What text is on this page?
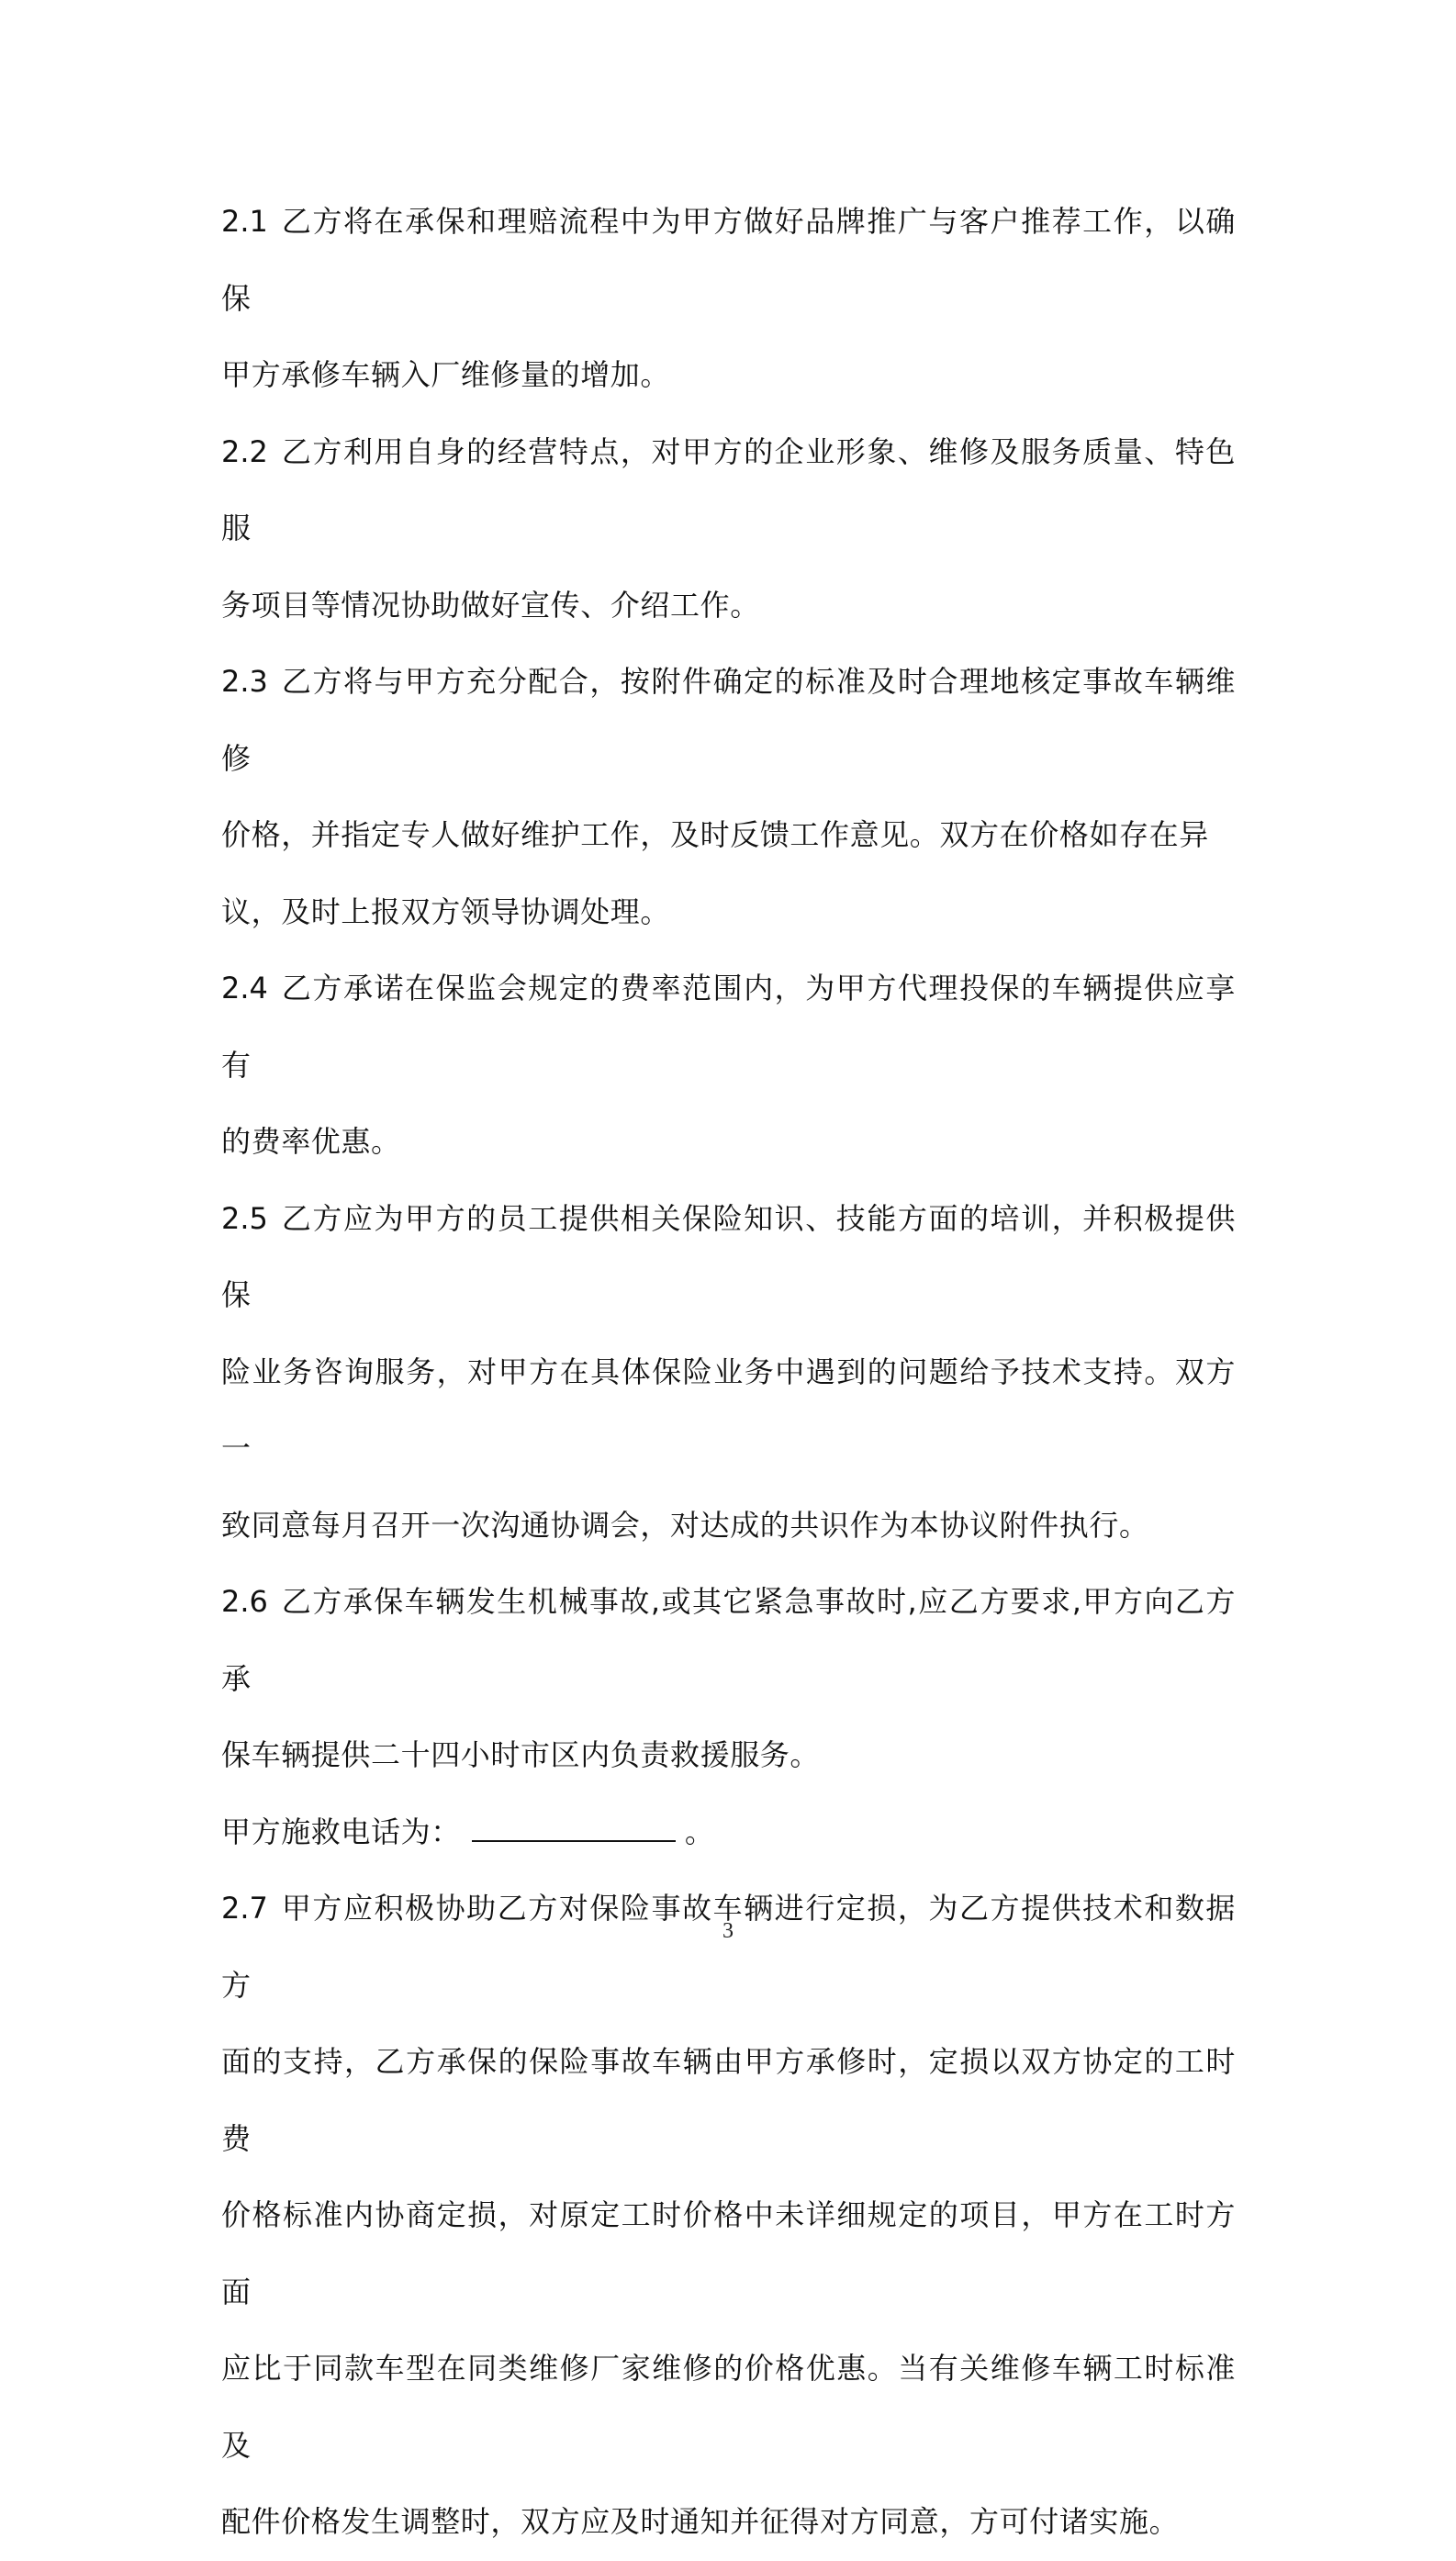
2.1 乙方将在承保和理赔流程中为甲方做好品牌推广与客户推荐工作，以确保
甲方承修车辆入厂维修量的增加。

2.2 乙方利用自身的经营特点，对甲方的企业形象、维修及服务质量、特色服
务项目等情况协助做好宣传、介绍工作。

2.3 乙方将与甲方充分配合，按附件确定的标准及时合理地核定事故车辆维修
价格，并指定专人做好维护工作，及时反馈工作意见。双方在价格如存在异
议，及时上报双方领导协调处理。

2.4 乙方承诺在保监会规定的费率范围内，为甲方代理投保的车辆提供应享有
的费率优惠。

2.5 乙方应为甲方的员工提供相关保险知识、技能方面的培训，并积极提供保
险业务咨询服务，对甲方在具体保险业务中遇到的问题给予技术支持。双方一
致同意每月召开一次沟通协调会，对达成的共识作为本协议附件执行。

2.6 乙方承保车辆发生机械事故,或其它紧急事故时,应乙方要求,甲方向乙方承
保车辆提供二十四小时市区内负责救援服务。

甲方施救电话为：	。

2.7 甲方应积极协助乙方对保险事故车辆进行定损，为乙方提供技术和数据方
面的支持，乙方承保的保险事故车辆由甲方承修时，定损以双方协定的工时费
价格标准内协商定损，对原定工时价格中未详细规定的项目，甲方在工时方面
应比于同款车型在同类维修厂家维修的价格优惠。当有关维修车辆工时标准及
配件价格发生调整时，双方应及时通知并征得对方同意，方可付诸实施。

3
